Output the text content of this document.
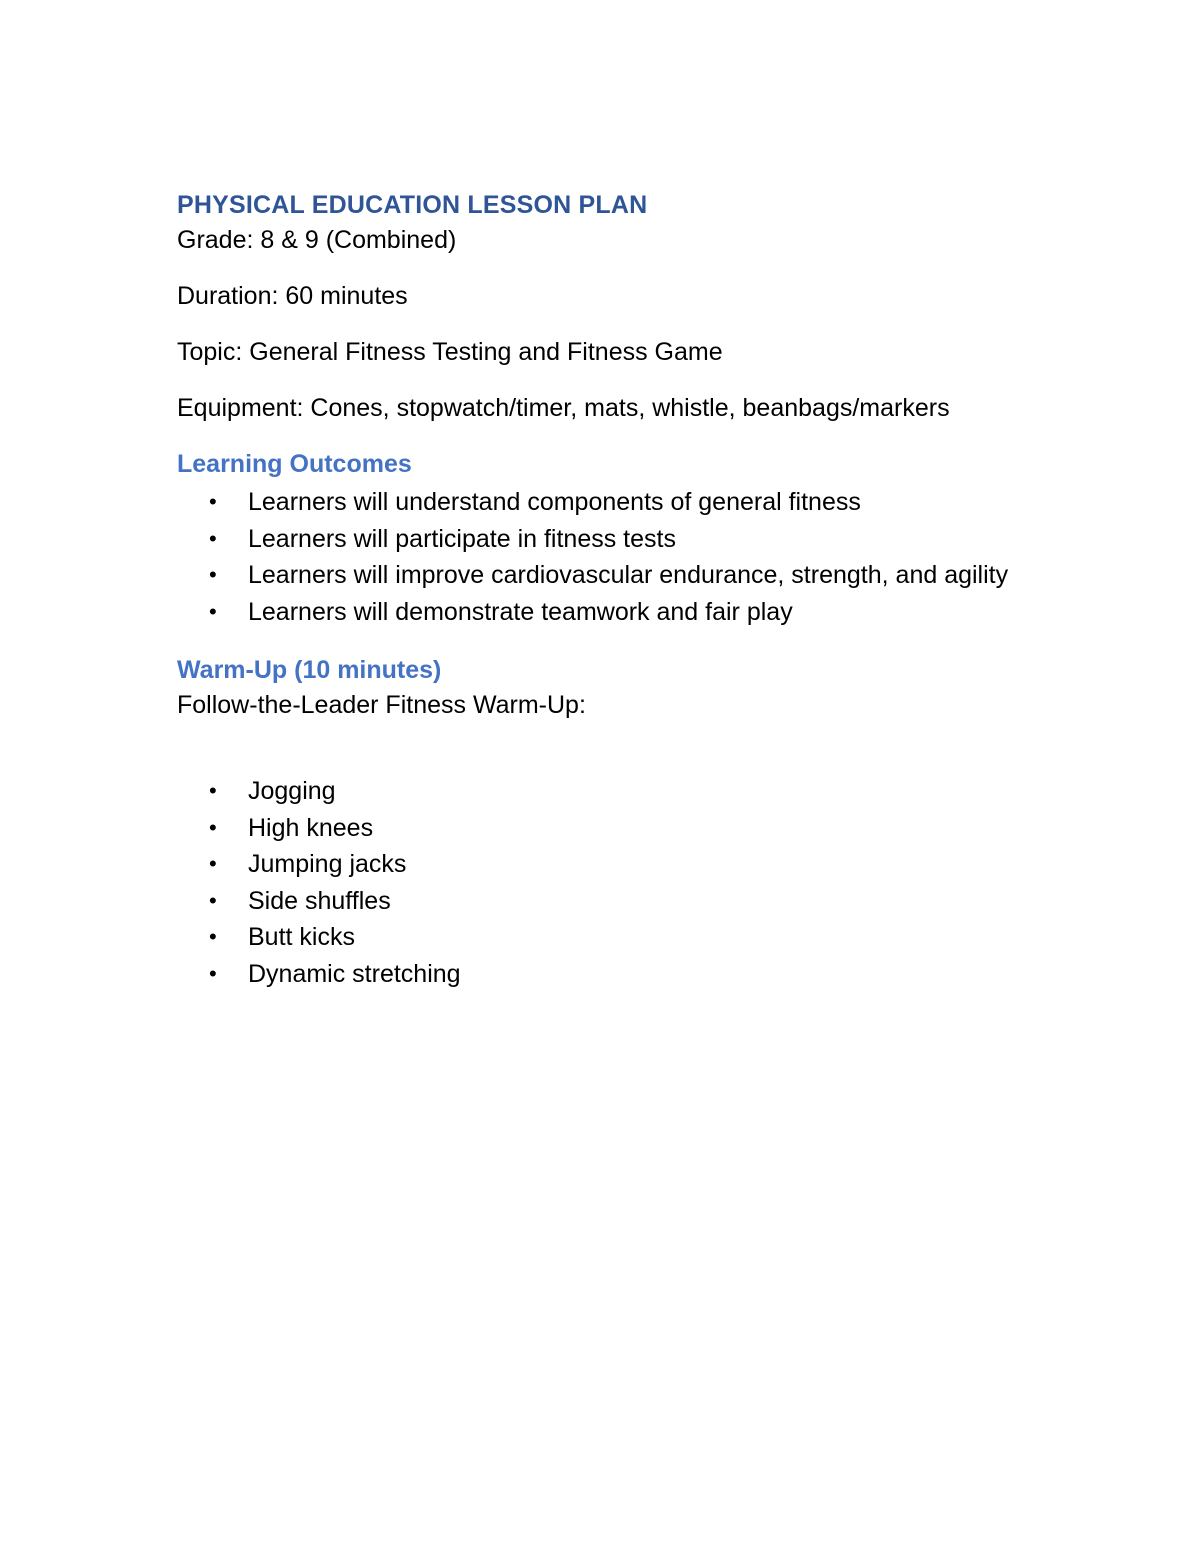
PHYSICAL EDUCATION LESSON PLAN

Grade: 8 & 9 (Combined)

Duration: 60 minutes

Topic: General Fitness Testing and Fitness Game

Equipment: Cones, stopwatch/timer, mats, whistle, beanbags/markers

Learning Outcomes
• Learners will understand components of general fitness
• Learners will participate in fitness tests
• Learners will improve cardiovascular endurance, strength, and agility
• Learners will demonstrate teamwork and fair play
Warm-Up (10 minutes)

Follow-the-Leader Fitness Warm-Up:

• Jogging
• High knees
• Jumping jacks
• Side shuffles
• Butt kicks
• Dynamic stretching
